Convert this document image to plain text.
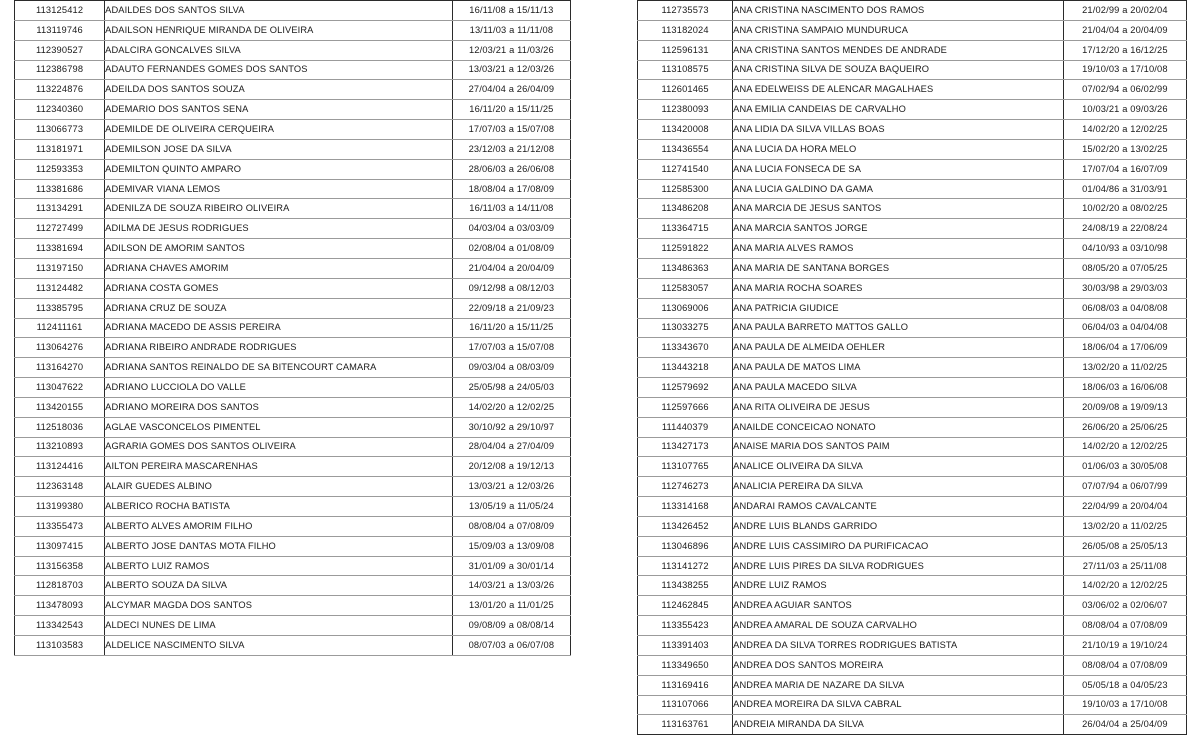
113125412	ADAILDES DOS SANTOS SILVA	16/11/08 a 15/11/13
113119746	ADAILSON HENRIQUE MIRANDA DE OLIVEIRA	13/11/03 a 11/11/08
112390527	ADALCIRA GONCALVES SILVA	12/03/21 a 11/03/26
112386798	ADAUTO FERNANDES GOMES DOS SANTOS	13/03/21 a 12/03/26
113224876	ADEILDA DOS SANTOS SOUZA	27/04/04 a 26/04/09
112340360	ADEMARIO DOS SANTOS SENA	16/11/20 a 15/11/25
113066773	ADEMILDE DE OLIVEIRA CERQUEIRA	17/07/03 a 15/07/08
113181971	ADEMILSON JOSE DA SILVA	23/12/03 a 21/12/08
112593353	ADEMILTON QUINTO AMPARO	28/06/03 a 26/06/08
113381686	ADEMIVAR VIANA LEMOS	18/08/04 a 17/08/09
113134291	ADENILZA DE SOUZA RIBEIRO OLIVEIRA	16/11/03 a 14/11/08
112727499	ADILMA DE JESUS RODRIGUES	04/03/04 a 03/03/09
113381694	ADILSON DE AMORIM SANTOS	02/08/04 a 01/08/09
113197150	ADRIANA CHAVES AMORIM	21/04/04 a 20/04/09
113124482	ADRIANA COSTA GOMES	09/12/98 a 08/12/03
113385795	ADRIANA CRUZ DE SOUZA	22/09/18 a 21/09/23
112411161	ADRIANA MACEDO DE ASSIS PEREIRA	16/11/20 a 15/11/25
113064276	ADRIANA RIBEIRO ANDRADE RODRIGUES	17/07/03 a 15/07/08
113164270	ADRIANA SANTOS REINALDO DE SA BITENCOURT CAMARA	09/03/04 a 08/03/09
113047622	ADRIANO LUCCIOLA DO VALLE	25/05/98 a 24/05/03
113420155	ADRIANO MOREIRA DOS SANTOS	14/02/20 a 12/02/25
112518036	AGLAE VASCONCELOS PIMENTEL	30/10/92 a 29/10/97
113210893	AGRARIA GOMES DOS SANTOS OLIVEIRA	28/04/04 a 27/04/09
113124416	AILTON PEREIRA MASCARENHAS	20/12/08 a 19/12/13
112363148	ALAIR GUEDES ALBINO	13/03/21 a 12/03/26
113199380	ALBERICO ROCHA BATISTA	13/05/19 a 11/05/24
113355473	ALBERTO ALVES AMORIM FILHO	08/08/04 a 07/08/09
113097415	ALBERTO JOSE DANTAS MOTA FILHO	15/09/03 a 13/09/08
113156358	ALBERTO LUIZ RAMOS	31/01/09 a 30/01/14
112818703	ALBERTO SOUZA DA SILVA	14/03/21 a 13/03/26
113478093	ALCYMAR MAGDA DOS SANTOS	13/01/20 a 11/01/25
113342543	ALDECI NUNES DE LIMA	09/08/09 a 08/08/14
113103583	ALDELICE NASCIMENTO SILVA	08/07/03 a 06/07/08
112735573	ANA CRISTINA NASCIMENTO DOS RAMOS	21/02/99 a 20/02/04
113182024	ANA CRISTINA SAMPAIO MUNDURUCA	21/04/04 a 20/04/09
112596131	ANA CRISTINA SANTOS MENDES DE ANDRADE	17/12/20 a 16/12/25
113108575	ANA CRISTINA SILVA DE SOUZA BAQUEIRO	19/10/03 a 17/10/08
112601465	ANA EDELWEISS DE ALENCAR MAGALHAES	07/02/94 a 06/02/99
112380093	ANA EMILIA CANDEIAS DE CARVALHO	10/03/21 a 09/03/26
113420008	ANA LIDIA DA SILVA VILLAS BOAS	14/02/20 a 12/02/25
113436554	ANA LUCIA DA HORA MELO	15/02/20 a 13/02/25
112741540	ANA LUCIA FONSECA DE SA	17/07/04 a 16/07/09
112585300	ANA LUCIA GALDINO DA GAMA	01/04/86 a 31/03/91
113486208	ANA MARCIA DE JESUS SANTOS	10/02/20 a 08/02/25
113364715	ANA MARCIA SANTOS JORGE	24/08/19 a 22/08/24
112591822	ANA MARIA ALVES RAMOS	04/10/93 a 03/10/98
113486363	ANA MARIA DE SANTANA BORGES	08/05/20 a 07/05/25
112583057	ANA MARIA ROCHA SOARES	30/03/98 a 29/03/03
113069006	ANA PATRICIA GIUDICE	06/08/03 a 04/08/08
113033275	ANA PAULA BARRETO MATTOS GALLO	06/04/03 a 04/04/08
113343670	ANA PAULA DE ALMEIDA OEHLER	18/06/04 a 17/06/09
113443218	ANA PAULA DE MATOS LIMA	13/02/20 a 11/02/25
112579692	ANA PAULA MACEDO SILVA	18/06/03 a 16/06/08
112597666	ANA RITA OLIVEIRA DE JESUS	20/09/08 a 19/09/13
111440379	ANAILDE CONCEICAO NONATO	26/06/20 a 25/06/25
113427173	ANAISE MARIA DOS SANTOS PAIM	14/02/20 a 12/02/25
113107765	ANALICE OLIVEIRA DA SILVA	01/06/03 a 30/05/08
112746273	ANALICIA PEREIRA DA SILVA	07/07/94 a 06/07/99
113314168	ANDARAI RAMOS CAVALCANTE	22/04/99 a 20/04/04
113426452	ANDRE LUIS BLANDS GARRIDO	13/02/20 a 11/02/25
113046896	ANDRE LUIS CASSIMIRO DA PURIFICACAO	26/05/08 a 25/05/13
113141272	ANDRE LUIS PIRES DA SILVA RODRIGUES	27/11/03 a 25/11/08
113438255	ANDRE LUIZ RAMOS	14/02/20 a 12/02/25
112462845	ANDREA AGUIAR SANTOS	03/06/02 a 02/06/07
113355423	ANDREA AMARAL DE SOUZA CARVALHO	08/08/04 a 07/08/09
113391403	ANDREA DA SILVA TORRES RODRIGUES BATISTA	21/10/19 a 19/10/24
113349650	ANDREA DOS SANTOS MOREIRA	08/08/04 a 07/08/09
113169416	ANDREA MARIA DE NAZARE DA SILVA	05/05/18 a 04/05/23
113107066	ANDREA MOREIRA DA SILVA CABRAL	19/10/03 a 17/10/08
113163761	ANDREIA MIRANDA DA SILVA	26/04/04 a 25/04/09
